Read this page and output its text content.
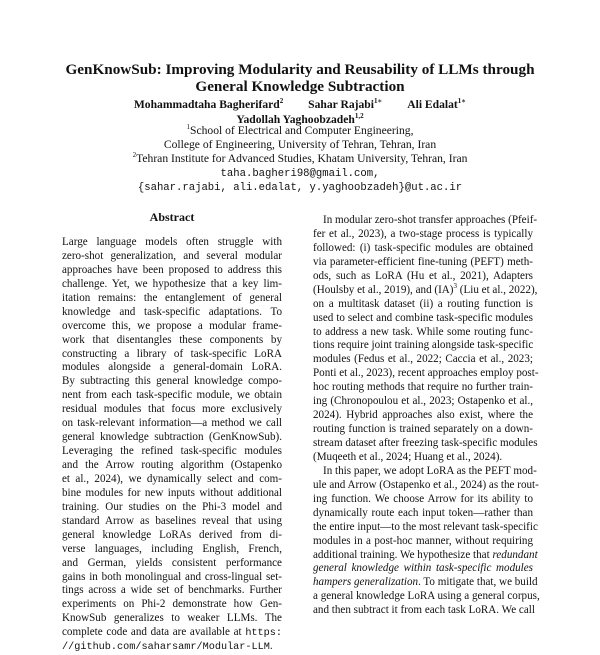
GenKnowSub: Improving Modularity and Reusability of LLMs through
General Knowledge Subtraction
Mohammadtaha Bagherifard$^2$ Sahar Rajabi$^{1∗}$ Ali Edalat$^{1∗}$
Yadollah Yaghoobzadeh$^{1,2}$
$^1$School of Electrical and Computer Engineering,
College of Engineering, University of Tehran, Tehran, Iran
$^2$Tehran Institute for Advanced Studies, Khatam University, Tehran, Iran
taha.bagheri98@gmail.com,
{sahar.rajabi, ali.edalat, y.yaghoobzadeh}@ut.ac.ir
Abstract
Large language models often struggle with
zero-shot generalization, and several modular
approaches have been proposed to address this
challenge. Yet, we hypothesize that a key lim-
itation remains: the entanglement of general
knowledge and task-specific adaptations. To
overcome this, we propose a modular frame-
work that disentangles these components by
constructing a library of task-specific LoRA
modules alongside a general-domain LoRA.
By subtracting this general knowledge compo-
nent from each task-specific module, we obtain
residual modules that focus more exclusively
on task-relevant information—a method we call
general knowledge subtraction (GenKnowSub).
Leveraging the refined task-specific modules
and the Arrow routing algorithm (Ostapenko
et al., 2024), we dynamically select and com-
bine modules for new inputs without additional
training. Our studies on the Phi-3 model and
standard Arrow as baselines reveal that using
general knowledge LoRAs derived from di-
verse languages, including English, French,
and German, yields consistent performance
gains in both monolingual and cross-lingual set-
tings across a wide set of benchmarks. Further
experiments on Phi-2 demonstrate how Gen-
KnowSub generalizes to weaker LLMs. The
complete code and data are available at https:
//github.com/saharsamr/Modular-LLM.
In modular zero-shot transfer approaches (Pfeif-
fer et al., 2023), a two-stage process is typically
followed: (i) task-specific modules are obtained
via parameter-efficient fine-tuning (PEFT) meth-
ods, such as LoRA (Hu et al., 2021), Adapters
(Houlsby et al., 2019), and (IA)$^3$ (Liu et al., 2022),
on a multitask dataset (ii) a routing function is
used to select and combine task-specific modules
to address a new task. While some routing func-
tions require joint training alongside task-specific
modules (Fedus et al., 2022; Caccia et al., 2023;
Ponti et al., 2023), recent approaches employ post-
hoc routing methods that require no further train-
ing (Chronopoulou et al., 2023; Ostapenko et al.,
2024). Hybrid approaches also exist, where the
routing function is trained separately on a down-
stream dataset after freezing task-specific modules
(Muqeeth et al., 2024; Huang et al., 2024).
In this paper, we adopt LoRA as the PEFT mod-
ule and Arrow (Ostapenko et al., 2024) as the rout-
ing function. We choose Arrow for its ability to
dynamically route each input token—rather than
the entire input—to the most relevant task-specific
modules in a post-hoc manner, without requiring
additional training. We hypothesize that redundant
general knowledge within task-specific modules
hampers generalization. To mitigate that, we build
a general knowledge LoRA using a general corpus,
and then subtract it from each task LoRA. We call
